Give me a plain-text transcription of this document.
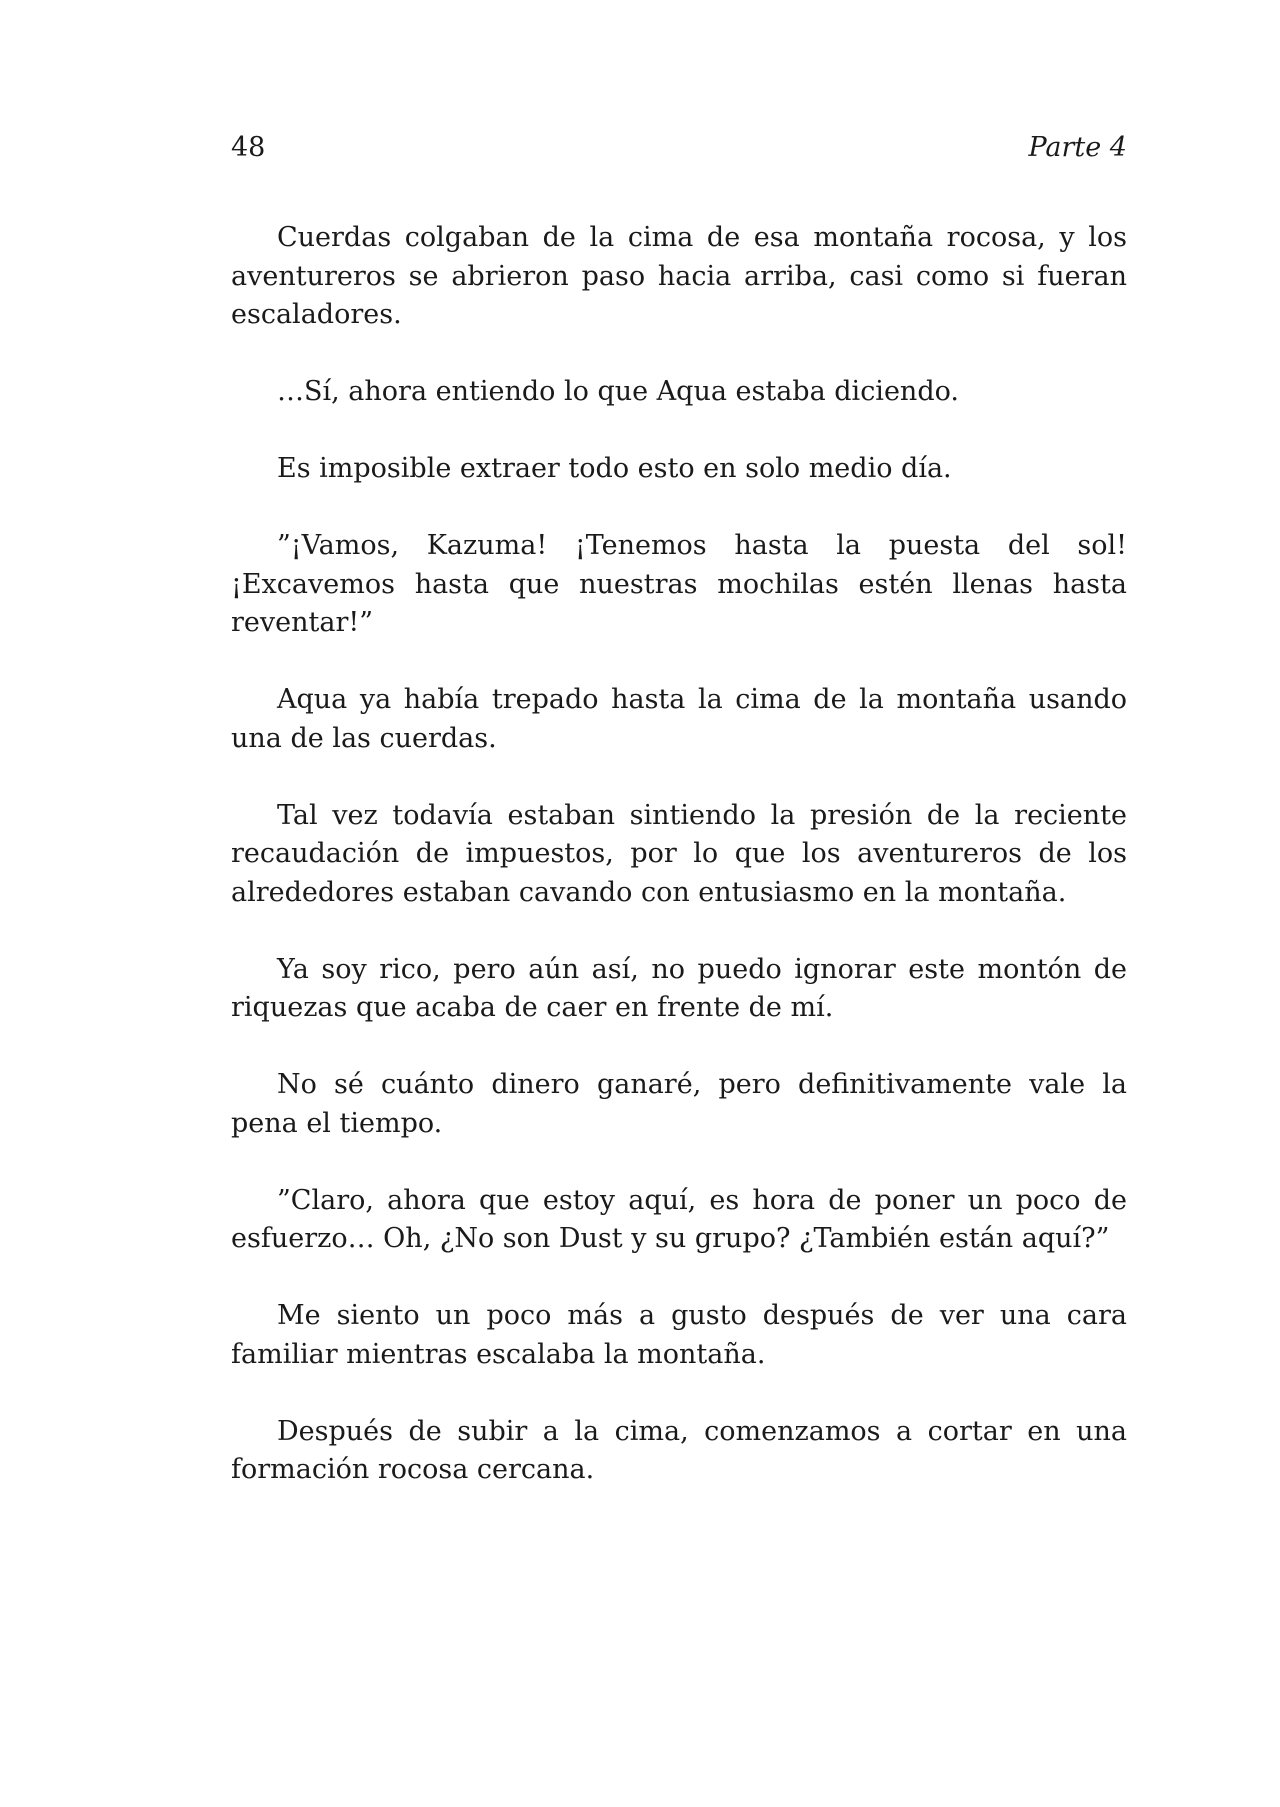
48	Parte 4

Cuerdas colgaban de la cima de esa montaña rocosa, y los aventureros se abrieron paso hacia arriba, casi como si fueran escaladores.

…Sí, ahora entiendo lo que Aqua estaba diciendo.

Es imposible extraer todo esto en solo medio día.

”¡Vamos, Kazuma! ¡Tenemos hasta la puesta del sol! ¡Excavemos hasta que nuestras mochilas estén llenas hasta reventar!”

Aqua ya había trepado hasta la cima de la montaña usando una de las cuerdas.

Tal vez todavía estaban sintiendo la presión de la reciente recaudación de impuestos, por lo que los aventureros de los alrededores estaban cavando con entusiasmo en la montaña.

Ya soy rico, pero aún así, no puedo ignorar este montón de riquezas que acaba de caer en frente de mí.

No sé cuánto dinero ganaré, pero definitivamente vale la pena el tiempo.

”Claro, ahora que estoy aquí, es hora de poner un poco de esfuerzo… Oh, ¿No son Dust y su grupo? ¿También están aquí?”

Me siento un poco más a gusto después de ver una cara familiar mientras escalaba la montaña.

Después de subir a la cima, comenzamos a cortar en una formación rocosa cercana.
